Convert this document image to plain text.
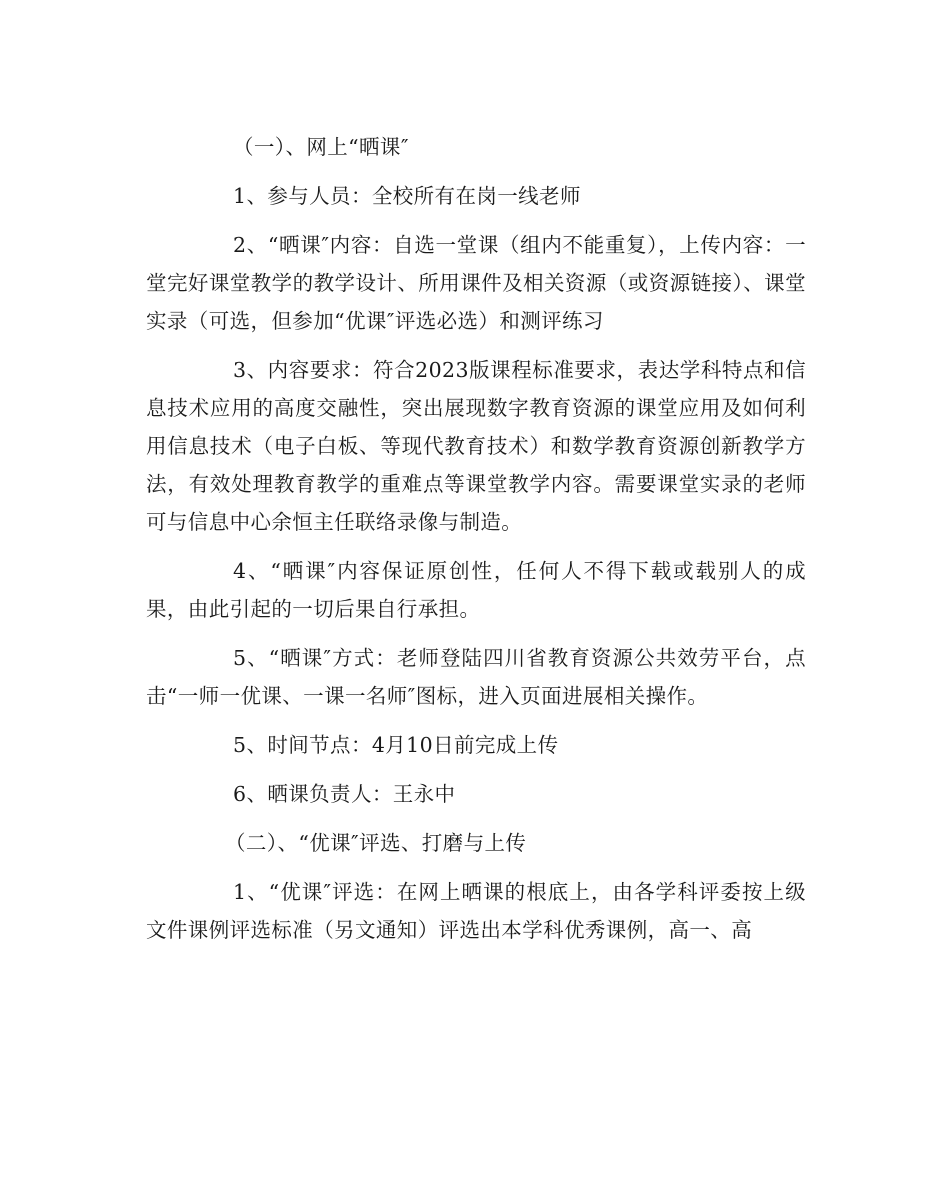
（一）、网上“晒课″

1、参与人员：全校所有在岗一线老师

2、“晒课″内容：自选一堂课（组内不能重复），上传内容：一堂完好课堂教学的教学设计、所用课件及相关资源（或资源链接）、课堂实录（可选，但参加“优课″评选必选）和测评练习

3、内容要求：符合2023版课程标准要求，表达学科特点和信息技术应用的高度交融性，突出展现数字教育资源的课堂应用及如何利用信息技术（电子白板、等现代教育技术）和数学教育资源创新教学方法，有效处理教育教学的重难点等课堂教学内容。需要课堂实录的老师可与信息中心余恒主任联络录像与制造。

4、“晒课″内容保证原创性，任何人不得下载或载别人的成果，由此引起的一切后果自行承担。

5、“晒课″方式：老师登陆四川省教育资源公共效劳平台，点击“一师一优课、一课一名师″图标，进入页面进展相关操作。

5、时间节点：4月10日前完成上传

6、晒课负责人：王永中

（二）、“优课″评选、打磨与上传

1、“优课″评选：在网上晒课的根底上，由各学科评委按上级文件课例评选标准（另文通知）评选出本学科优秀课例，高一、高
